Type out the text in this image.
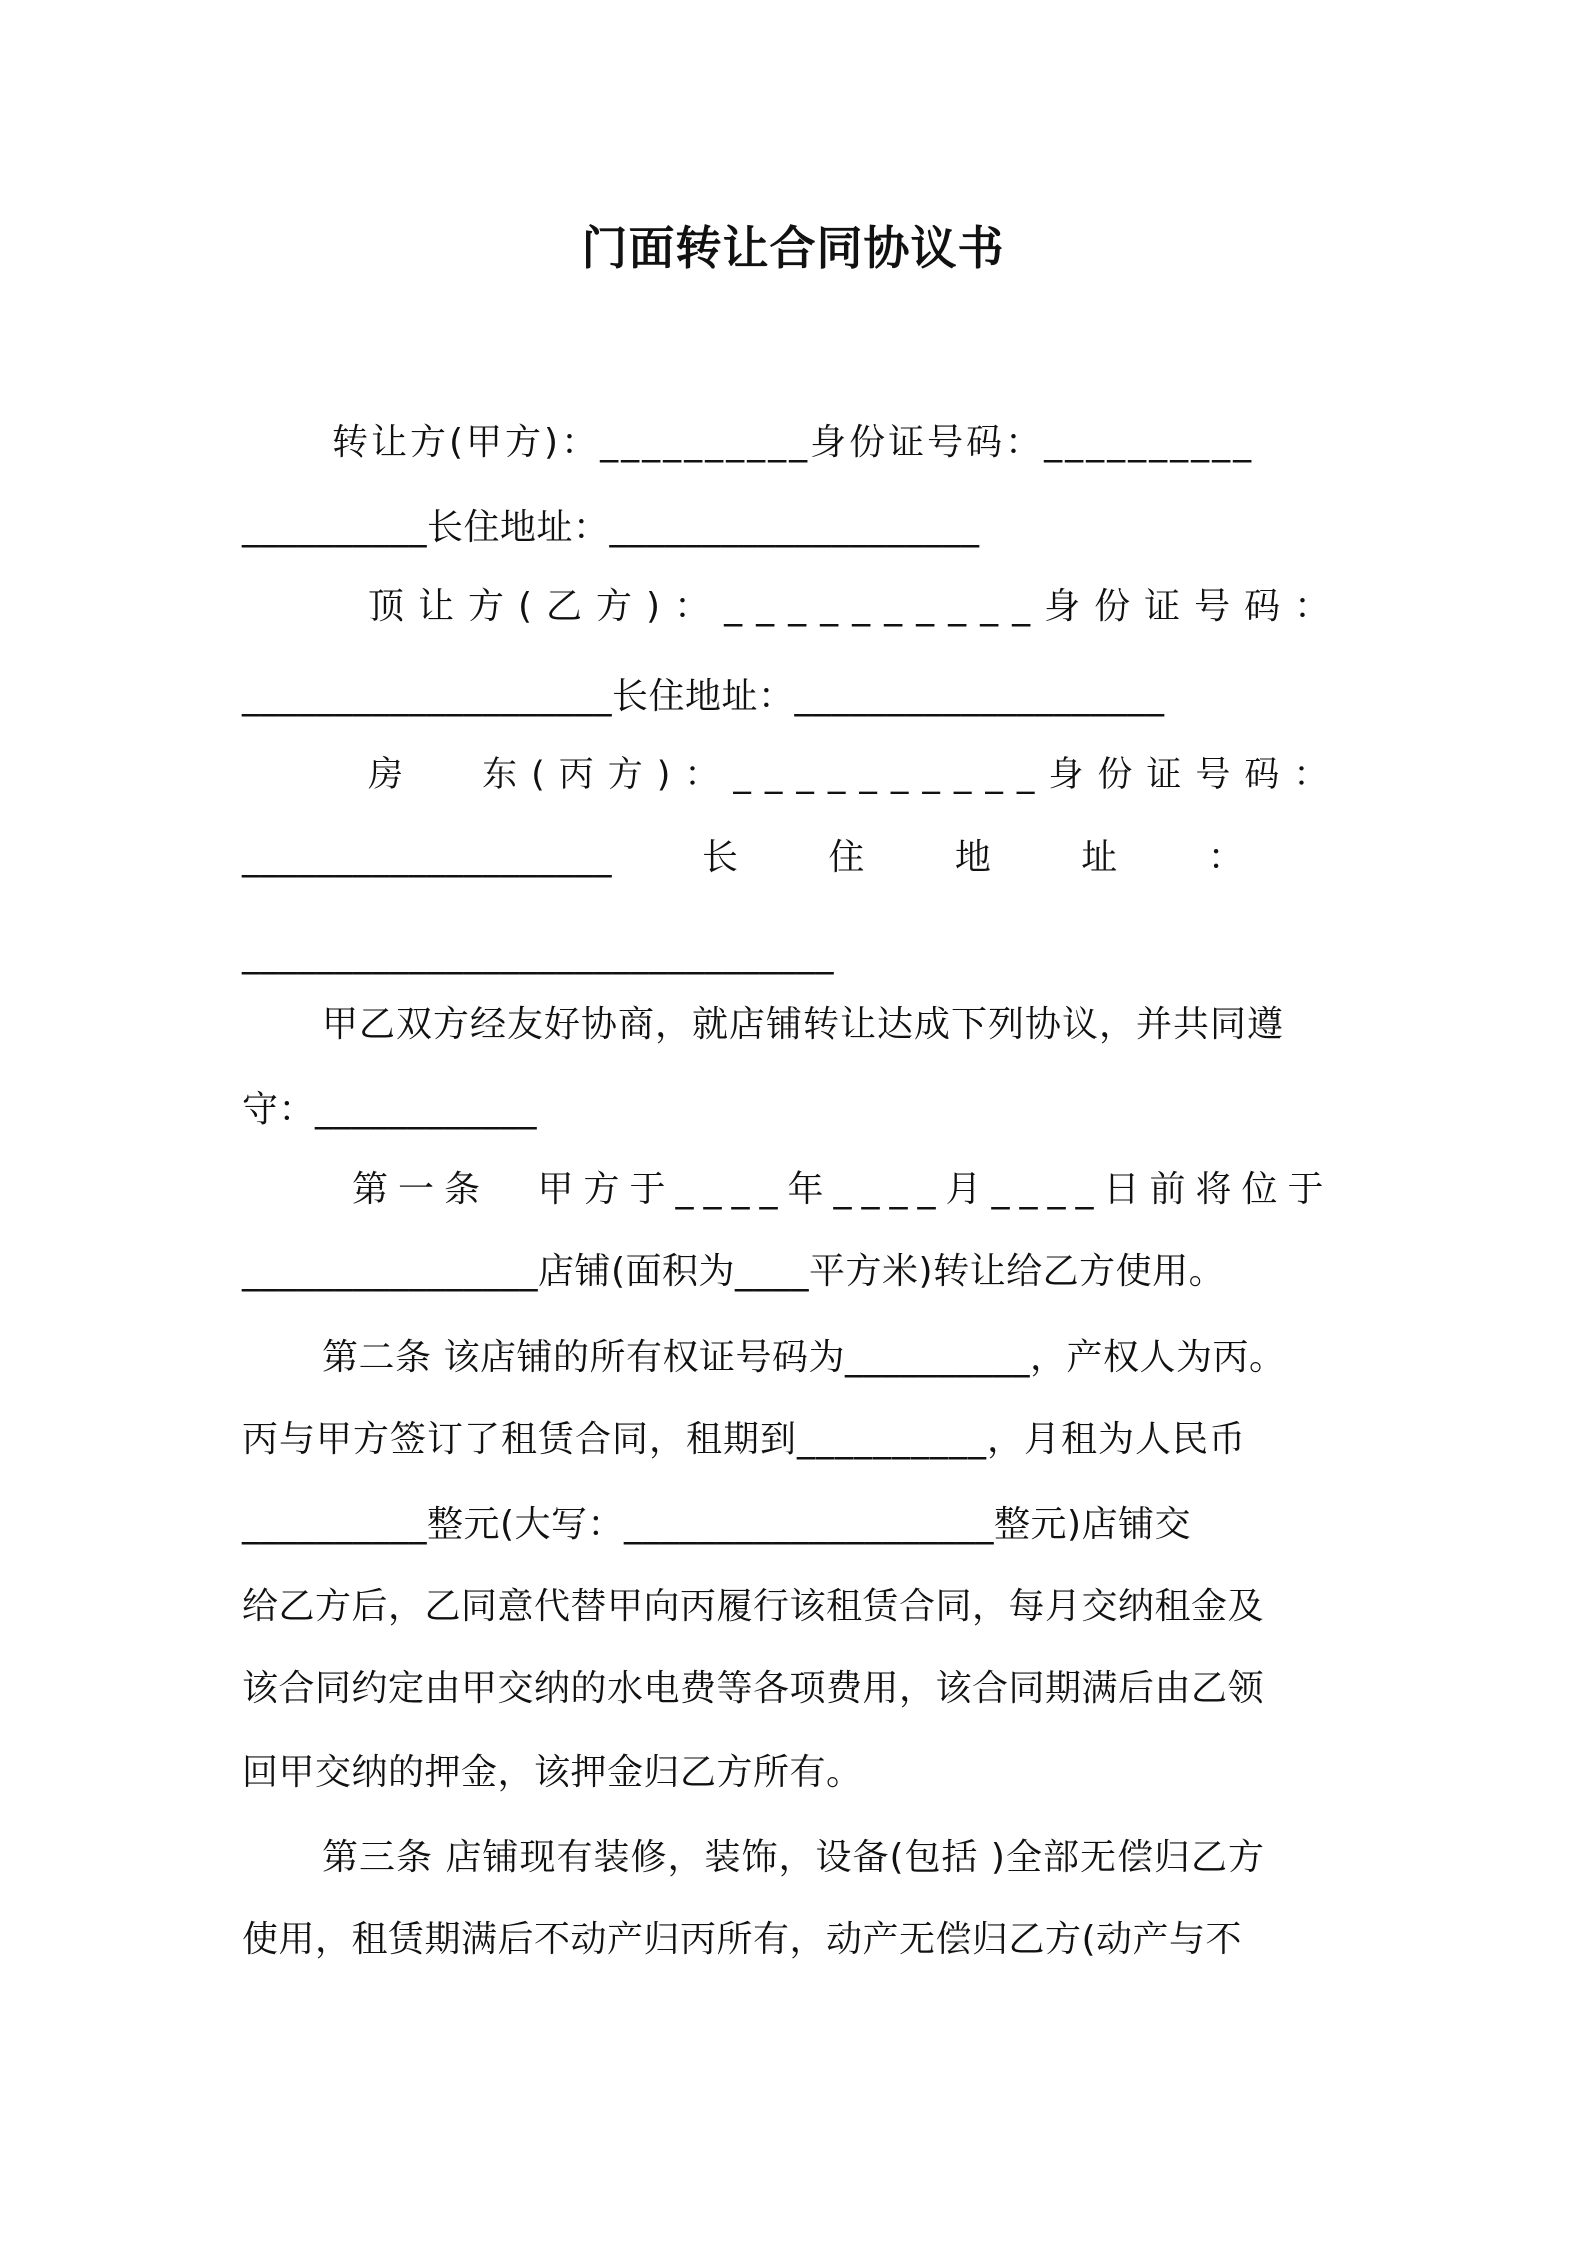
门面转让合同协议书
转让方(甲方)：__________身份证号码：__________
__________长住地址：____________________
顶让方(乙方)：__________身份证号码：
____________________长住地址：____________________
房 东(丙方)：__________身份证号码：
____________________ 长 住 地 址 ：
________________________________
甲乙双方经友好协商，就店铺转让达成下列协议，并共同遵
守：____________
第一条 甲方于____年____月____日前将位于
________________店铺(面积为____平方米)转让给乙方使用。
第二条 该店铺的所有权证号码为__________，产权人为丙。
丙与甲方签订了租赁合同，租期到__________，月租为人民币
__________整元(大写：____________________整元)店铺交
给乙方后，乙同意代替甲向丙履行该租赁合同，每月交纳租金及
该合同约定由甲交纳的水电费等各项费用，该合同期满后由乙领
回甲交纳的押金，该押金归乙方所有。
第三条 店铺现有装修，装饰，设备(包括 )全部无偿归乙方
使用，租赁期满后不动产归丙所有，动产无偿归乙方(动产与不
